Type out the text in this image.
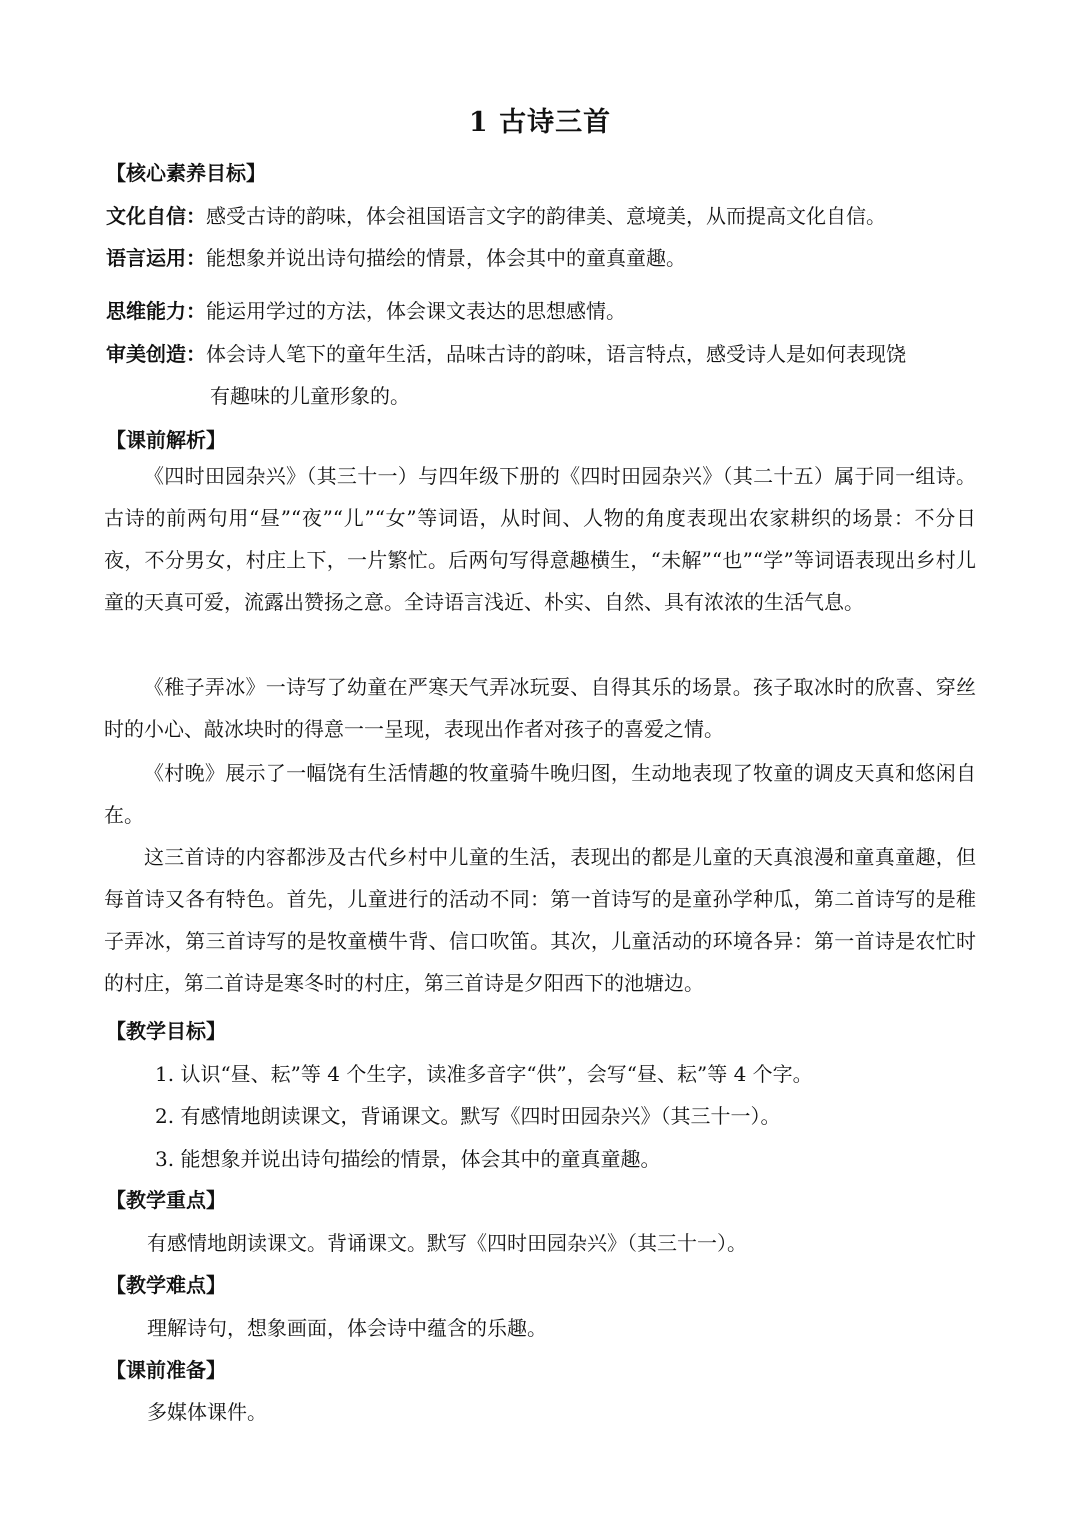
1 古诗三首
【核心素养目标】
文化自信：感受古诗的韵味，体会祖国语言文字的韵律美、意境美，从而提高文化自信。
语言运用：能想象并说出诗句描绘的情景，体会其中的童真童趣。
思维能力：能运用学过的方法，体会课文表达的思想感情。
审美创造：体会诗人笔下的童年生活，品味古诗的韵味，语言特点，感受诗人是如何表现饶
有趣味的儿童形象的。
【课前解析】
《四时田园杂兴》（其三十一）与四年级下册的《四时田园杂兴》（其二十五）属于同一组诗。古诗的前两句用“昼”“夜”“儿”“女”等词语，从时间、人物的角度表现出农家耕织的场景：不分日夜，不分男女，村庄上下，一片繁忙。后两句写得意趣横生，“未解”“也”“学”等词语表现出乡村儿童的天真可爱，流露出赞扬之意。全诗语言浅近、朴实、自然、具有浓浓的生活气息。
《稚子弄冰》一诗写了幼童在严寒天气弄冰玩耍、自得其乐的场景。孩子取冰时的欣喜、穿丝时的小心、敲冰块时的得意一一呈现，表现出作者对孩子的喜爱之情。
《村晚》展示了一幅饶有生活情趣的牧童骑牛晚归图，生动地表现了牧童的调皮天真和悠闲自在。
这三首诗的内容都涉及古代乡村中儿童的生活，表现出的都是儿童的天真浪漫和童真童趣，但每首诗又各有特色。首先，儿童进行的活动不同：第一首诗写的是童孙学种瓜，第二首诗写的是稚子弄冰，第三首诗写的是牧童横牛背、信口吹笛。其次，儿童活动的环境各异：第一首诗是农忙时的村庄，第二首诗是寒冬时的村庄，第三首诗是夕阳西下的池塘边。
【教学目标】
1. 认识“昼、耘”等 4 个生字，读准多音字“供”，会写“昼、耘”等 4 个字。
2. 有感情地朗读课文，背诵课文。默写《四时田园杂兴》（其三十一）。
3. 能想象并说出诗句描绘的情景，体会其中的童真童趣。
【教学重点】
有感情地朗读课文。背诵课文。默写《四时田园杂兴》（其三十一）。
【教学难点】
理解诗句，想象画面，体会诗中蕴含的乐趣。
【课前准备】
多媒体课件。
